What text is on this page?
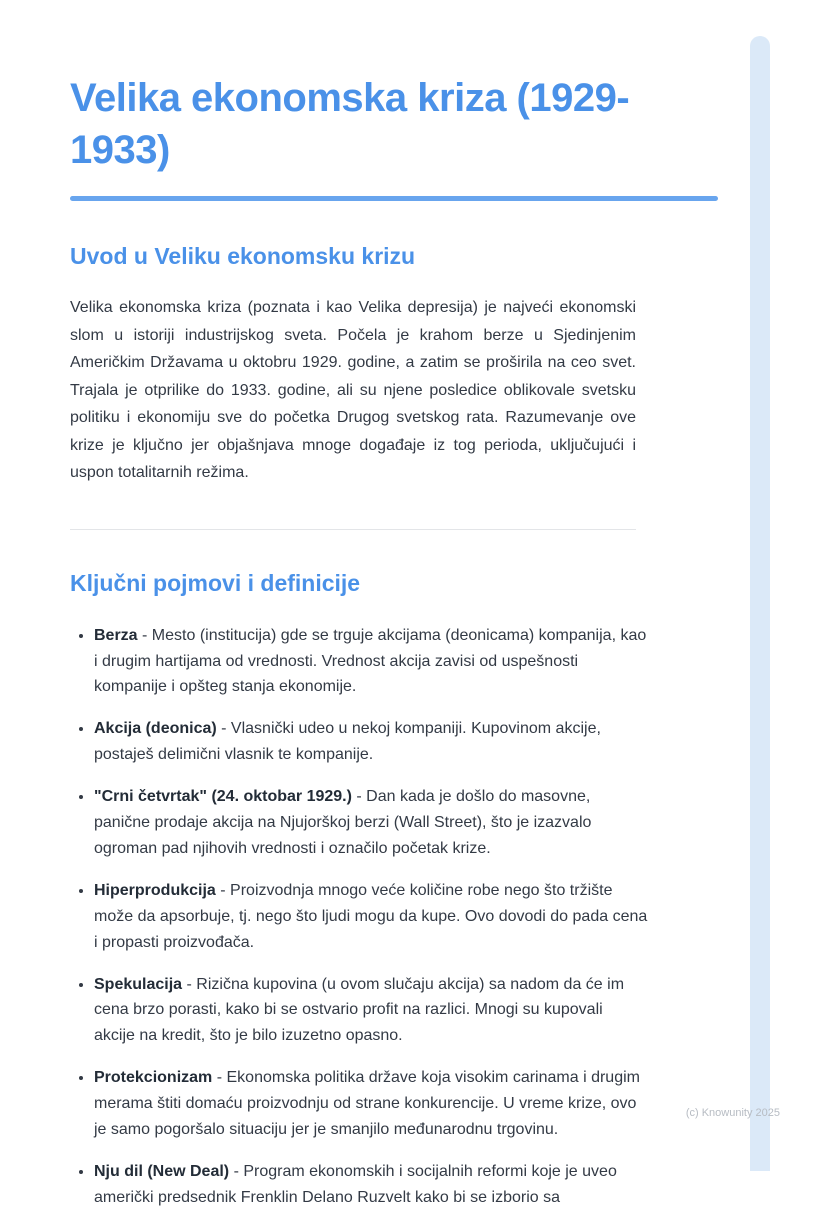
Velika ekonomska kriza (1929-1933)
Uvod u Veliku ekonomsku krizu

Velika ekonomska kriza (poznata i kao Velika depresija) je najveći ekonomski slom u istoriji industrijskog sveta. Počela je krahom berze u Sjedinjenim Američkim Državama u oktobru 1929. godine, a zatim se proširila na ceo svet. Trajala je otprilike do 1933. godine, ali su njene posledice oblikovale svetsku politiku i ekonomiju sve do početka Drugog svetskog rata. Razumevanje ove krize je ključno jer objašnjava mnoge događaje iz tog perioda, uključujući i uspon totalitarnih režima.

Ključni pojmovi i definicije
• Berza - Mesto (institucija) gde se trguje akcijama (deonicama) kompanija, kao i drugim hartijama od vrednosti. Vrednost akcija zavisi od uspešnosti kompanije i opšteg stanja ekonomije.
• Akcija (deonica) - Vlasnički udeo u nekoj kompaniji. Kupovinom akcije, postaješ delimični vlasnik te kompanije.
• "Crni četvrtak" (24. oktobar 1929.) - Dan kada je došlo do masovne, panične prodaje akcija na Njujorškoj berzi (Wall Street), što je izazvalo ogroman pad njihovih vrednosti i označilo početak krize.
• Hiperprodukcija - Proizvodnja mnogo veće količine robe nego što tržište može da apsorbuje, tj. nego što ljudi mogu da kupe. Ovo dovodi do pada cena i propasti proizvođača.
• Spekulacija - Rizična kupovina (u ovom slučaju akcija) sa nadom da će im cena brzo porasti, kako bi se ostvario profit na razlici. Mnogi su kupovali akcije na kredit, što je bilo izuzetno opasno.
• Protekcionizam - Ekonomska politika države koja visokim carinama i drugim merama štiti domaću proizvodnju od strane konkurencije. U vreme krize, ovo je samo pogoršalo situaciju jer je smanjilo međunarodnu trgovinu.
• Nju dil (New Deal) - Program ekonomskih i socijalnih reformi koje je uveo američki predsednik Frenklin Delano Ruzvelt kako bi se izborio sa
(c) Knowunity 2025
